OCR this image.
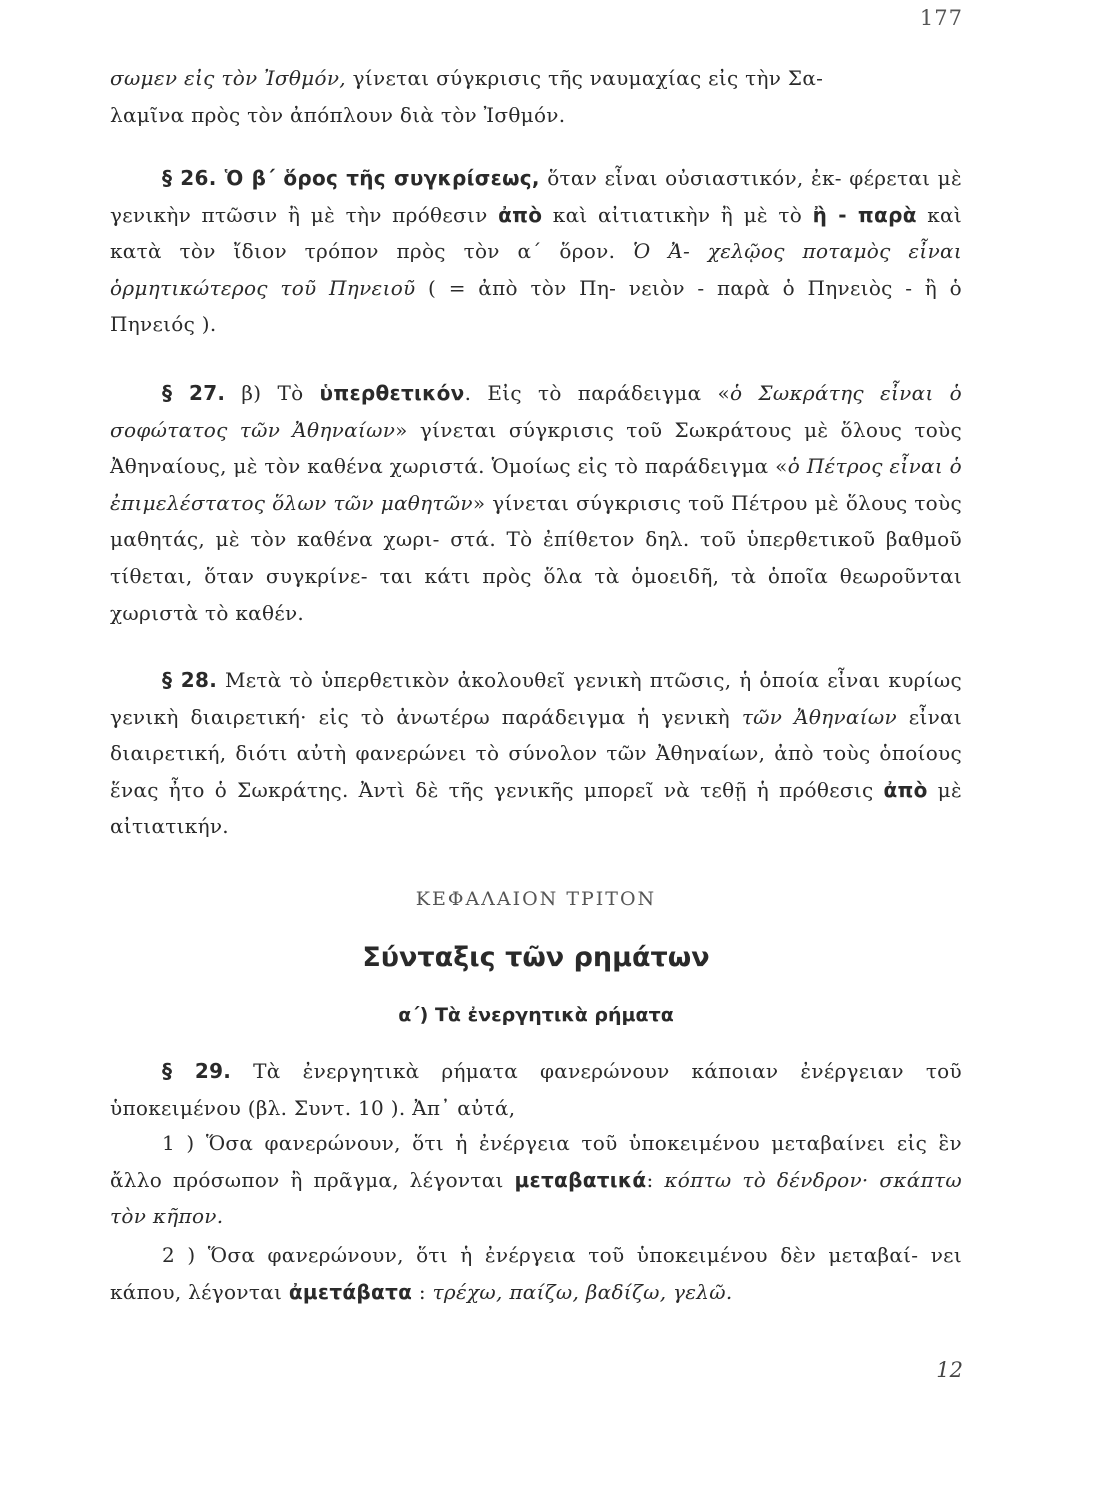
177
σωμεν εἰς τὸν Ἰσθμόν, γίνεται σύγκρισις τῆς ναυμαχίας εἰς τὴν Σα-
λαμῖνα πρὸς τὸν ἀπόπλουν διὰ τὸν Ἰσθμόν.
§ 26. Ὁ β΄ ὅρος τῆς συγκρίσεως, ὅταν εἶναι οὐσιαστικόν, ἐκ- φέρεται μὲ γενικὴν πτῶσιν ἢ μὲ τὴν πρόθεσιν ἀπὸ καὶ αἰτιατικὴν ἢ μὲ τὸ ἢ - παρὰ καὶ κατὰ τὸν ἴδιον τρόπον πρὸς τὸν α΄ ὅρον. Ὁ Ἀ- χελῷος ποταμὸς εἶναι ὁρμητικώτερος τοῦ Πηνειοῦ ( = ἀπὸ τὸν Πη- νειὸν - παρὰ ὁ Πηνειὸς - ἢ ὁ Πηνειός ).
§ 27. β) Τὸ ὑπερθετικόν. Εἰς τὸ παράδειγμα «ὁ Σωκράτης εἶναι ὁ σοφώτατος τῶν Ἀθηναίων» γίνεται σύγκρισις τοῦ Σωκράτους μὲ ὅλους τοὺς Ἀθηναίους, μὲ τὸν καθένα χωριστά. Ὁμοίως εἰς τὸ παράδειγμα «ὁ Πέτρος εἶναι ὁ ἐπιμελέστατος ὅλων τῶν μαθητῶν» γίνεται σύγκρισις τοῦ Πέτρου μὲ ὅλους τοὺς μαθητάς, μὲ τὸν καθένα χωρι- στά. Τὸ ἐπίθετον δηλ. τοῦ ὑπερθετικοῦ βαθμοῦ τίθεται, ὅταν συγκρίνε- ται κάτι πρὸς ὅλα τὰ ὁμοειδῆ, τὰ ὁποῖα θεωροῦνται χωριστὰ τὸ καθέν.
§ 28. Μετὰ τὸ ὑπερθετικὸν ἀκολουθεῖ γενικὴ πτῶσις, ἡ ὁποία εἶναι κυρίως γενικὴ διαιρετική· εἰς τὸ ἀνωτέρω παράδειγμα ἡ γενικὴ τῶν Ἀθηναίων εἶναι διαιρετική, διότι αὐτὴ φανερώνει τὸ σύνολον τῶν Ἀθηναίων, ἀπὸ τοὺς ὁποίους ἕνας ἦτο ὁ Σωκράτης. Ἀντὶ δὲ τῆς γενικῆς μπορεῖ νὰ τεθῇ ἡ πρόθεσις ἀπὸ μὲ αἰτιατικήν.
ΚΕΦΑΛΑΙΟΝ ΤΡΙΤΟΝ
Σύνταξις τῶν ρημάτων
α΄) Τὰ ἐνεργητικὰ ρήματα
§ 29. Τὰ ἐνεργητικὰ ρήματα φανερώνουν κάποιαν ἐνέργειαν τοῦ ὑποκειμένου (βλ. Συντ. 10 ). Ἀπ᾽ αὐτά,
1 ) Ὅσα φανερώνουν, ὅτι ἡ ἐνέργεια τοῦ ὑποκειμένου μεταβαίνει εἰς ἓν ἄλλο πρόσωπον ἢ πρᾶγμα, λέγονται μεταβατικά: κόπτω τὸ δένδρον· σκάπτω τὸν κῆπον.
2 ) Ὅσα φανερώνουν, ὅτι ἡ ἐνέργεια τοῦ ὑποκειμένου δὲν μεταβαί- νει κάπου, λέγονται ἀμετάβατα : τρέχω, παίζω, βαδίζω, γελῶ.
12
